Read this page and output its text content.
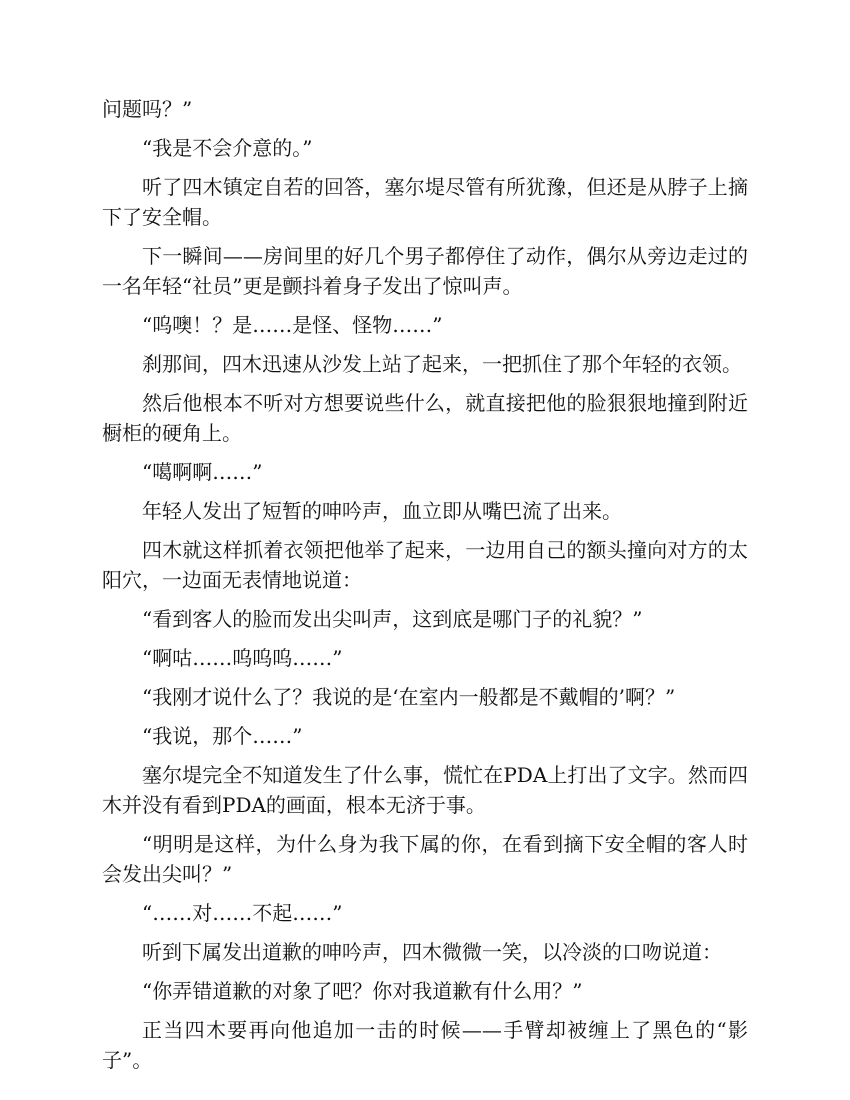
问题吗？”

“我是不会介意的。”

听了四木镇定自若的回答，塞尔堤尽管有所犹豫，但还是从脖子上摘下了安全帽。

下一瞬间——房间里的好几个男子都停住了动作，偶尔从旁边走过的一名年轻“社员”更是颤抖着身子发出了惊叫声。

“呜噢！？是……是怪、怪物……”

刹那间，四木迅速从沙发上站了起来，一把抓住了那个年轻的衣领。

然后他根本不听对方想要说些什么，就直接把他的脸狠狠地撞到附近橱柜的硬角上。

“噶啊啊……”

年轻人发出了短暂的呻吟声，血立即从嘴巴流了出来。

四木就这样抓着衣领把他举了起来，一边用自己的额头撞向对方的太阳穴，一边面无表情地说道：

“看到客人的脸而发出尖叫声，这到底是哪门子的礼貌？”

“啊咕……呜呜呜……”

“我刚才说什么了？我说的是‘在室内一般都是不戴帽的’啊？”

“我说，那个……”

塞尔堤完全不知道发生了什么事，慌忙在PDA上打出了文字。然而四木并没有看到PDA的画面，根本无济于事。

“明明是这样，为什么身为我下属的你，在看到摘下安全帽的客人时会发出尖叫？”

“……对……不起……”

听到下属发出道歉的呻吟声，四木微微一笑，以冷淡的口吻说道：

“你弄错道歉的对象了吧？你对我道歉有什么用？”

正当四木要再向他追加一击的时候——手臂却被缠上了黑色的“影子”。
